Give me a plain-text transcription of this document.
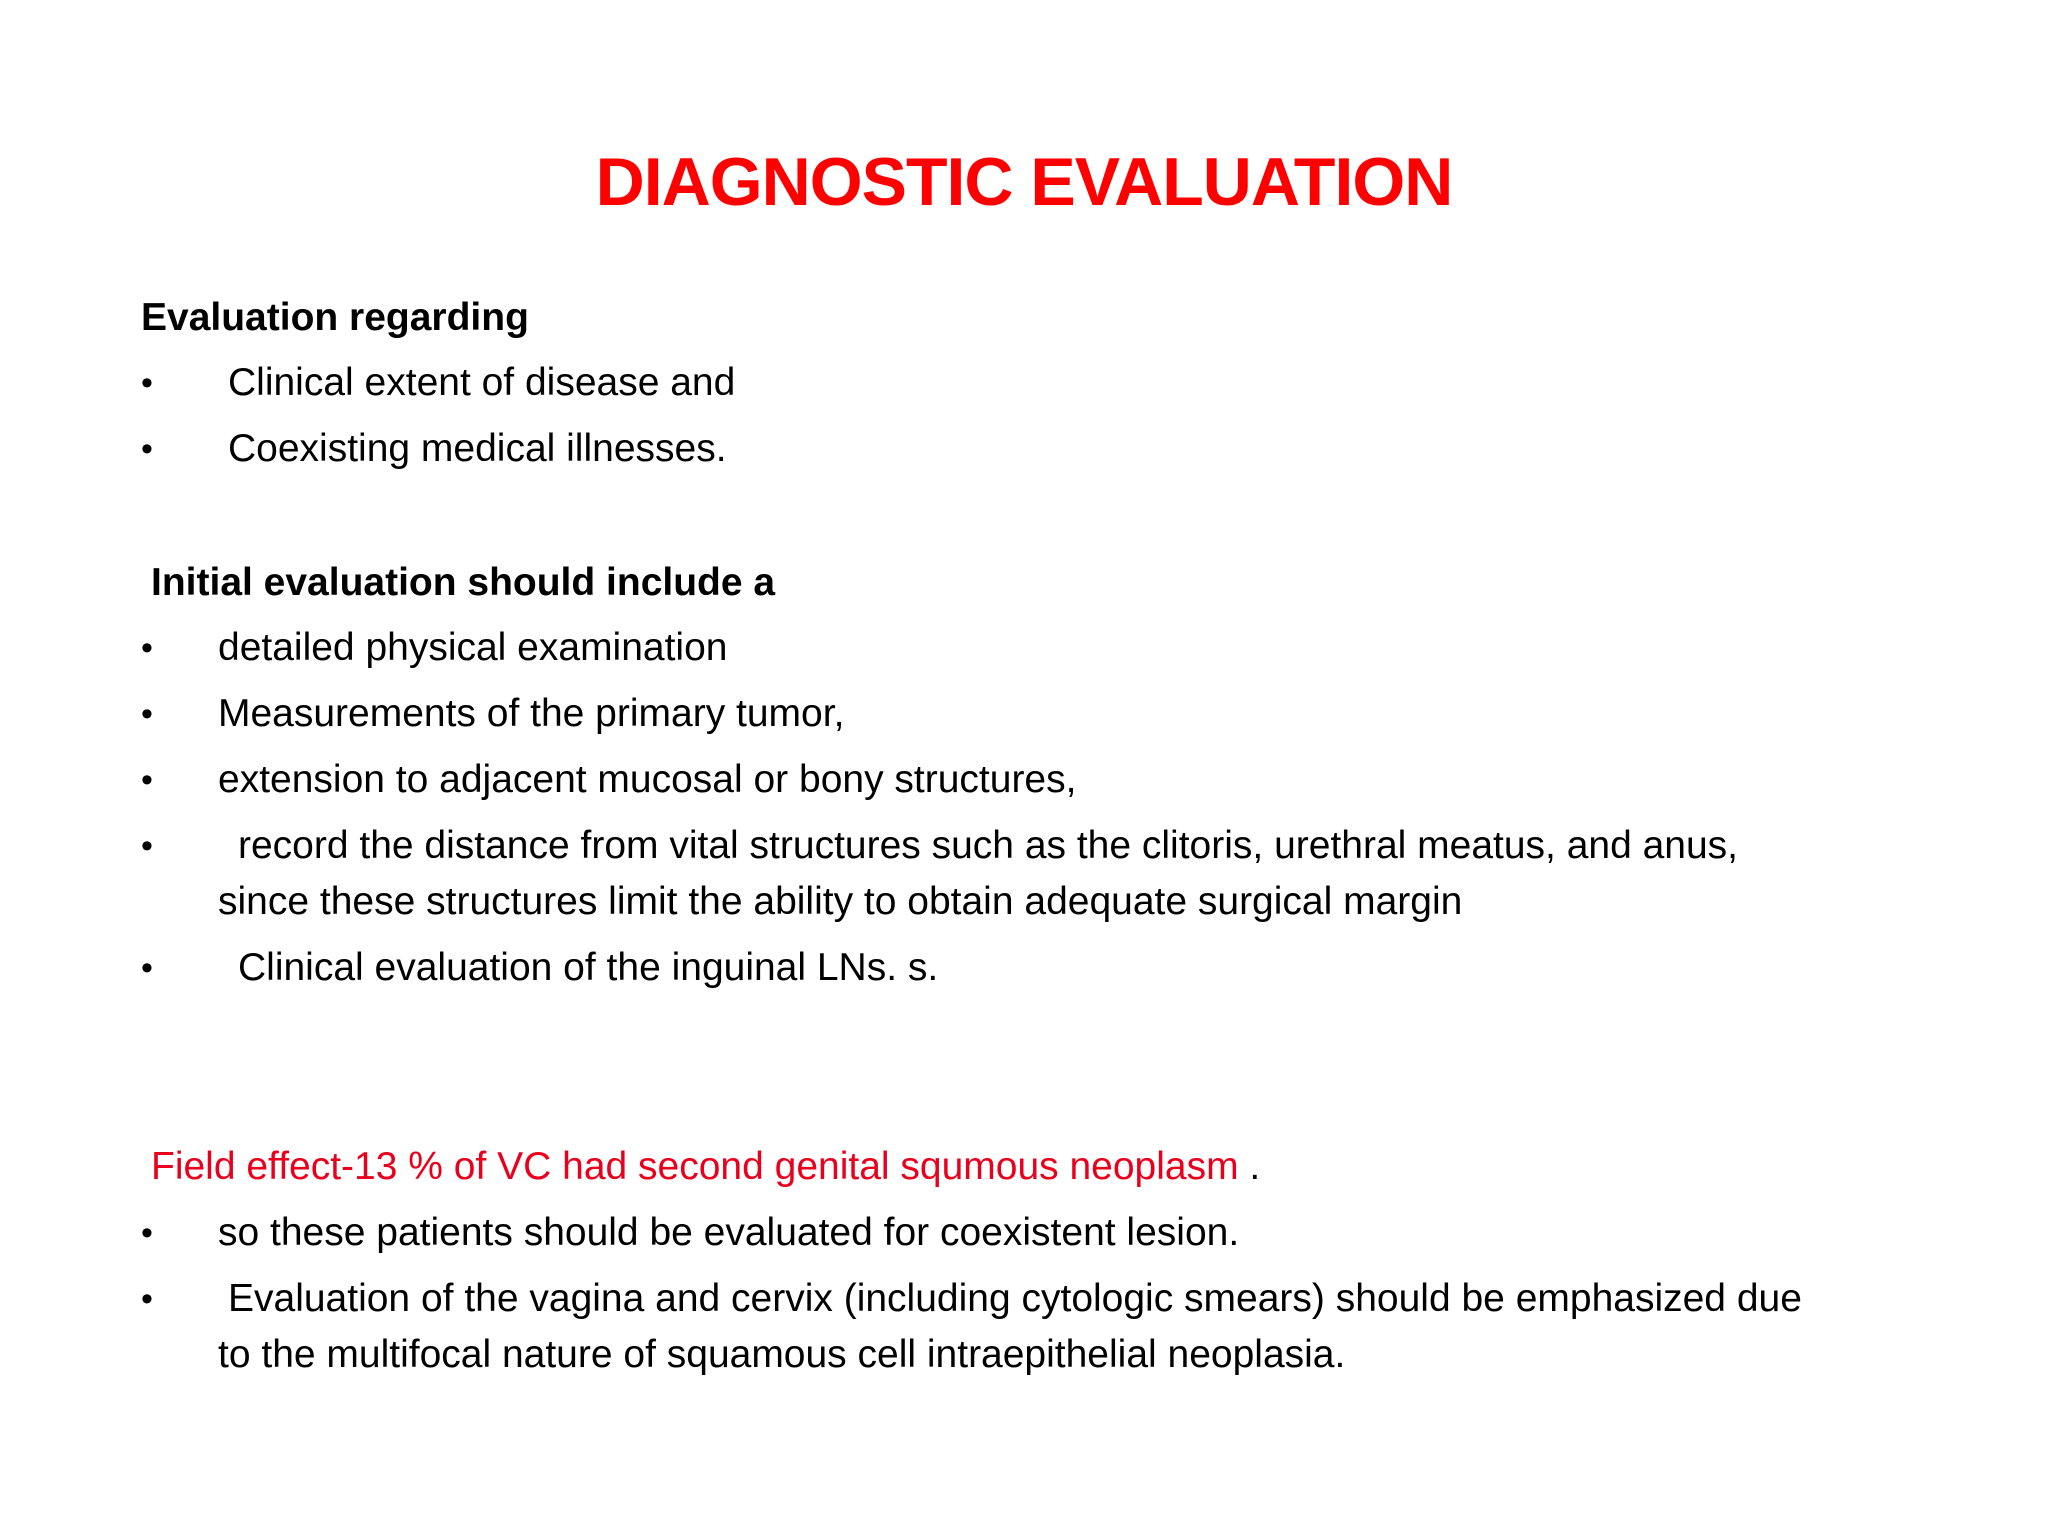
DIAGNOSTIC EVALUATION
Evaluation regarding
• Clinical extent of disease and
• Coexisting medical illnesses.
Initial evaluation should include a
• detailed physical examination
• Measurements of the primary tumor,
• extension to adjacent mucosal or bony structures,
• record the distance from vital structures such as the clitoris, urethral meatus, and anus,
since these structures limit the ability to obtain adequate surgical margin
• Clinical evaluation of the inguinal LNs. s.
Field effect-13 % of VC had second genital squmous neoplasm .
• so these patients should be evaluated for coexistent lesion.
• Evaluation of the vagina and cervix (including cytologic smears) should be emphasized due
to the multifocal nature of squamous cell intraepithelial neoplasia.
